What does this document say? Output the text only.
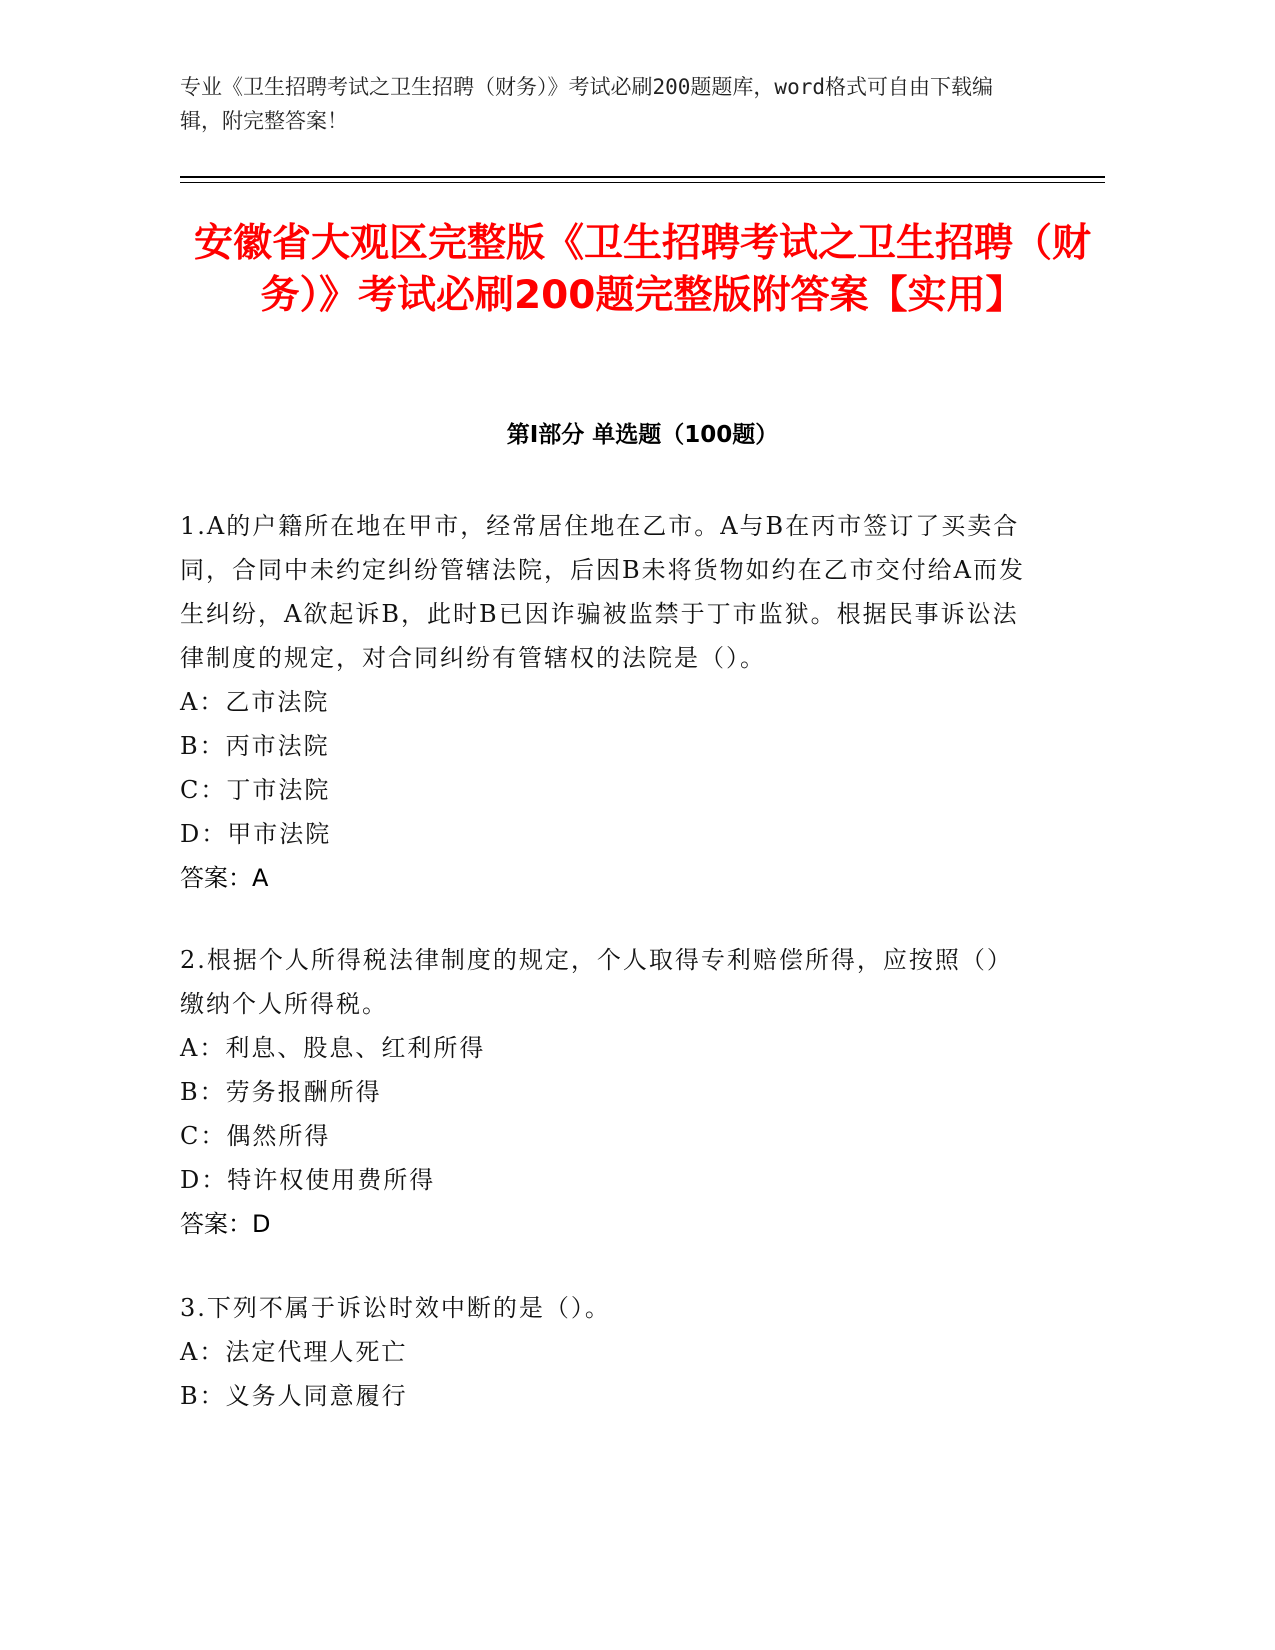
专业《卫生招聘考试之卫生招聘（财务）》考试必刷200题题库，word格式可自由下载编辑，附完整答案！
安徽省大观区完整版《卫生招聘考试之卫生招聘（财务）》考试必刷200题完整版附答案【实用】
第I部分 单选题（100题）
1.A的户籍所在地在甲市，经常居住地在乙市。A与B在丙市签订了买卖合同，合同中未约定纠纷管辖法院，后因B未将货物如约在乙市交付给A而发生纠纷，A欲起诉B，此时B已因诈骗被监禁于丁市监狱。根据民事诉讼法律制度的规定，对合同纠纷有管辖权的法院是（）。
A：乙市法院
B：丙市法院
C：丁市法院
D：甲市法院
答案：A
2.根据个人所得税法律制度的规定，个人取得专利赔偿所得，应按照（）缴纳个人所得税。
A：利息、股息、红利所得
B：劳务报酬所得
C：偶然所得
D：特许权使用费所得
答案：D
3.下列不属于诉讼时效中断的是（）。
A：法定代理人死亡
B：义务人同意履行
